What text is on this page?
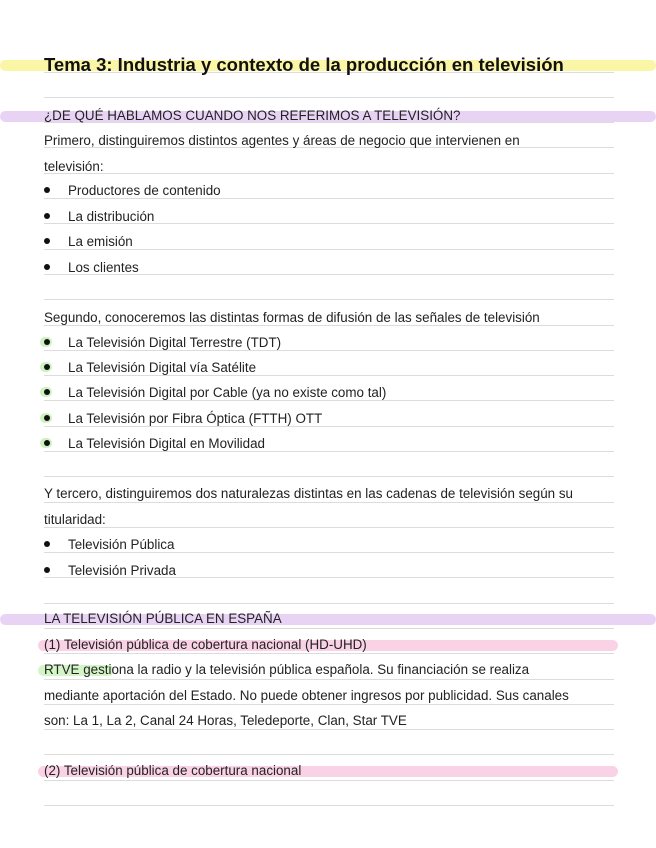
Tema 3: Industria y contexto de la producción en televisión
¿DE QUÉ HABLAMOS CUANDO NOS REFERIMOS A TELEVISIÓN?
Primero, distinguiremos distintos agentes y áreas de negocio que intervienen en
televisión:
Productores de contenido
La distribución
La emisión
Los clientes
Segundo, conoceremos las distintas formas de difusión de las señales de televisión
La Televisión Digital Terrestre (TDT)
La Televisión Digital vía Satélite
La Televisión Digital por Cable (ya no existe como tal)
La Televisión por Fibra Óptica (FTTH) OTT
La Televisión Digital en Movilidad
Y tercero, distinguiremos dos naturalezas distintas en las cadenas de televisión según su
titularidad:
Televisión Pública
Televisión Privada
LA TELEVISIÓN PÚBLICA EN ESPAÑA
(1) Televisión pública de cobertura nacional (HD-UHD)
RTVE gestiona la radio y la televisión pública española. Su financiación se realiza
mediante aportación del Estado. No puede obtener ingresos por publicidad. Sus canales
son: La 1, La 2, Canal 24 Horas, Teledeporte, Clan, Star TVE
(2) Televisión pública de cobertura nacional
